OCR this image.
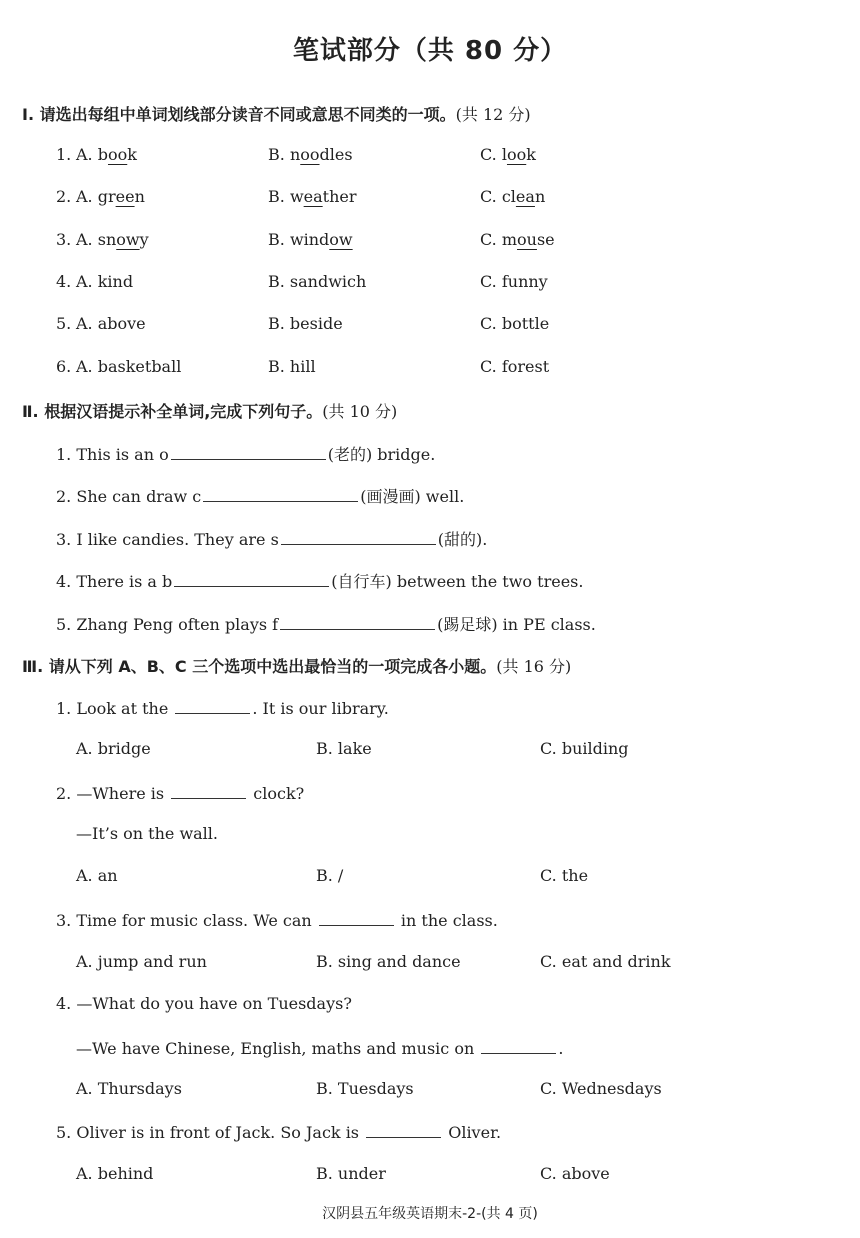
笔试部分（共 80 分）
Ⅰ. 请选出每组中单词划线部分读音不同或意思不同类的一项。(共 12 分)
1. A. book	B. noodles	C. look
2. A. green	B. weather	C. clean
3. A. snowy	B. window	C. mouse
4. A. kind	B. sandwich	C. funny
5. A. above	B. beside	C. bottle
6. A. basketball	B. hill	C. forest
Ⅱ. 根据汉语提示补全单词,完成下列句子。(共 10 分)
1. This is an o	(老的) bridge.
2. She can draw c	(画漫画) well.
3. I like candies. They are s	(甜的).
4. There is a b	(自行车) between the two trees.
5. Zhang Peng often plays f	(踢足球) in PE class.
Ⅲ. 请从下列 A、B、C 三个选项中选出最恰当的一项完成各小题。(共 16 分)
1. Look at the	. It is our library.
A. bridge	B. lake	C. building
2. —Where is	clock?
—It’s on the wall.
A. an	B. /	C. the
3. Time for music class. We can	in the class.
A. jump and run	B. sing and dance	C. eat and drink
4. —What do you have on Tuesdays?
—We have Chinese, English, maths and music on	.
A. Thursdays	B. Tuesdays	C. Wednesdays
5. Oliver is in front of Jack. So Jack is	Oliver.
A. behind	B. under	C. above
汉阴县五年级英语期末-2-(共 4 页)
